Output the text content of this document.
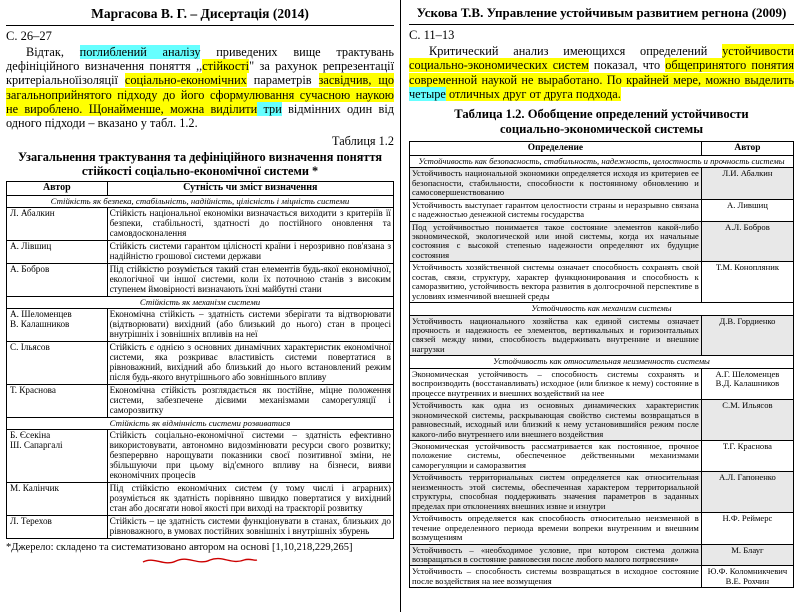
Маргасова В. Г. – Дисертація (2014)
С. 26–27

Відтак, поглиблений аналізу приведених вище трактувань дефініційного визначення поняття ,,стійкості" за рахунок репрезентації критеріальноїізоляції соціально-економічних параметрів засвідчив, що загальноприйнятого підходу до його сформулювання сучасною наукою не вироблено. Щонайменше, можна виділити три відмінних один від одного підходи – вказано у табл. 1.2.

Таблиця 1.2
Узагальнення трактування та дефініційного визначення поняття стійкості соціально-економічної системи *
Автор	Сутність чи зміст визначення
Стійкість як безпека, стабільність, надійність, цілісність і міцність системи	
Л. Абалкин	Стійкість національної економіки визначається виходити з критеріїв її безпеки, стабільності, здатності до постійного оновлення та самовдосконалення
А. Лівшиц	Стійкість системи гарантом цілісності країни і нерозривно пов'язана з надійністю грошової системи держави
А. Бобров	Під стійкістю розуміється такий стан елементів будь-якої економічної, екологічної чи іншої системи, коли їх поточною станів з високим ступенем ймовірності визначають їхні майбутні стани
Стійкість як механізм системи	
А. Шеломенцев
В. Калашников	Економічна стійкість – здатність системи зберігати та відтворювати (відтворювати) вихідний (або близький до нього) стан в процесі внутрішніх і зовнішніх впливів на неї
С. Ільясов	Стійкість є однією з основних динамічних характеристик економічної системи, яка розкриває властивість системи повертатися в рівноважний, вихідний або близький до нього встановлений режим після будь-якого внутрішнього або зовнішнього впливу
Т. Краснова	Економічна стійкість розглядається як постійне, міцне положення системи, забезпечене дієвими механізмами саморегуляції і саморозвитку
Стійкість як відмінність системи розвиватися	
Б. Єсекіна
Ш. Сапаргалі	Стійкість соціально-економічної системи – здатність ефективно використовувати, автономно видозмінювати ресурси свого розвитку; безперервно нарощувати показники своєї позитивної зміни, не збільшуючи при цьому від'ємного впливу на бізнеси, вияви економічних процесів
М. Калінчик	Під стійкістю економічних систем (у тому числі і аграрних) розуміється як здатність порівняно швидко повертатися у вихідний стан або досягати нової якості при виході на траєкторії розвитку
Л. Терехов	Стійкість – це здатність системи функціонувати в станах, близьких до рівноважного, в умовах постійних зовнішніх і внутрішніх збурень
*Джерело: складено та систематизовано автором на основі [1,10,218,229,265]
Ускова Т.В. Управление устойчивым развитием регнона (2009)
С. 11–13

Критический анализ имеющихся определений устойчивости социально-экономических систем показал, что общепринятого понятия современной наукой не выработано. По крайней мере, можно выделить четыре отличных друг от друга подхода.

Таблица 1.2. Обобщение определений устойчивости
социально-экономической системы
Определение	Автор
Устойчивость как безопасность, стабильность, надежность, целостность и прочность системы	
Устойчивость национальной экономики определяется исходя из критериев ее безопасности, стабильности, способности к постоянному обновлению и самосовершенствованию	Л.И. Абалкин
Устойчивость выступает гарантом целостности страны и неразрывно связана с надежностью денежной системы государства	А. Лившиц
Под устойчивостью понимается такое состояние элементов какой-либо экономической, экологической или иной системы, когда их начальные состояния с высокой степенью надежности определяют их будущие состояния	А.Л. Бобров
Устойчивость хозяйственной системы означает способность сохранять свой состав, связи, структуру, характер функционирования и способность к саморазвитию, устойчивость вектора развития в долгосрочной перспективе в условиях изменчивой внешней среды	Т.М. Конопляник
Устойчивость как механизм системы	
Устойчивость национального хозяйства как единой системы означает прочность и надежность ее элементов, вертикальных и горизонтальных связей между ними, способность выдерживать внутренние и внешние нагрузки	Д.В. Гордиенко
Устойчивость как относительная неизменность системы	
Экономическая устойчивость – способность системы сохранять и воспроизводить (восстанавливать) исходное (или близкое к нему) состояние в процессе внутренних и внешних воздействий на нее	А.Г. Шеломенцев
В.Д. Калашников
Устойчивость как одна из основных динамических характеристик экономической системы, раскрывающая свойство системы возвращаться в равновесный, исходный или близкий к нему установившийся режим после какого-либо внутреннего или внешнего воздействия	С.М. Ильясов
Экономическая устойчивость рассматривается как постоянное, прочное положение системы, обеспеченное действенными механизмами саморегуляции и саморазвития	Т.Г. Краснова
Устойчивость территориальных систем определяется как относительная неизменность этой системы, обеспеченная характером территориальной структуры, способная поддерживать значения параметров в заданных пределах при отклонениях внешних извне и изнутри	А.Л. Гапоненко
Устойчивость определяется как способность относительно неизменной в течение определенного периода времени вопреки внутренним и внешним возмущениям	Н.Ф. Реймерс
Устойчивость – «необходимое условие, при котором система должна возвращаться в состояние равновесия после любого малого потрясения»	М. Блауг
Устойчивость – способность системы возвращаться в исходное состояние после воздействия на нее возмущения	Ю.Ф. Коломникчевич
В.Е. Рохчин
